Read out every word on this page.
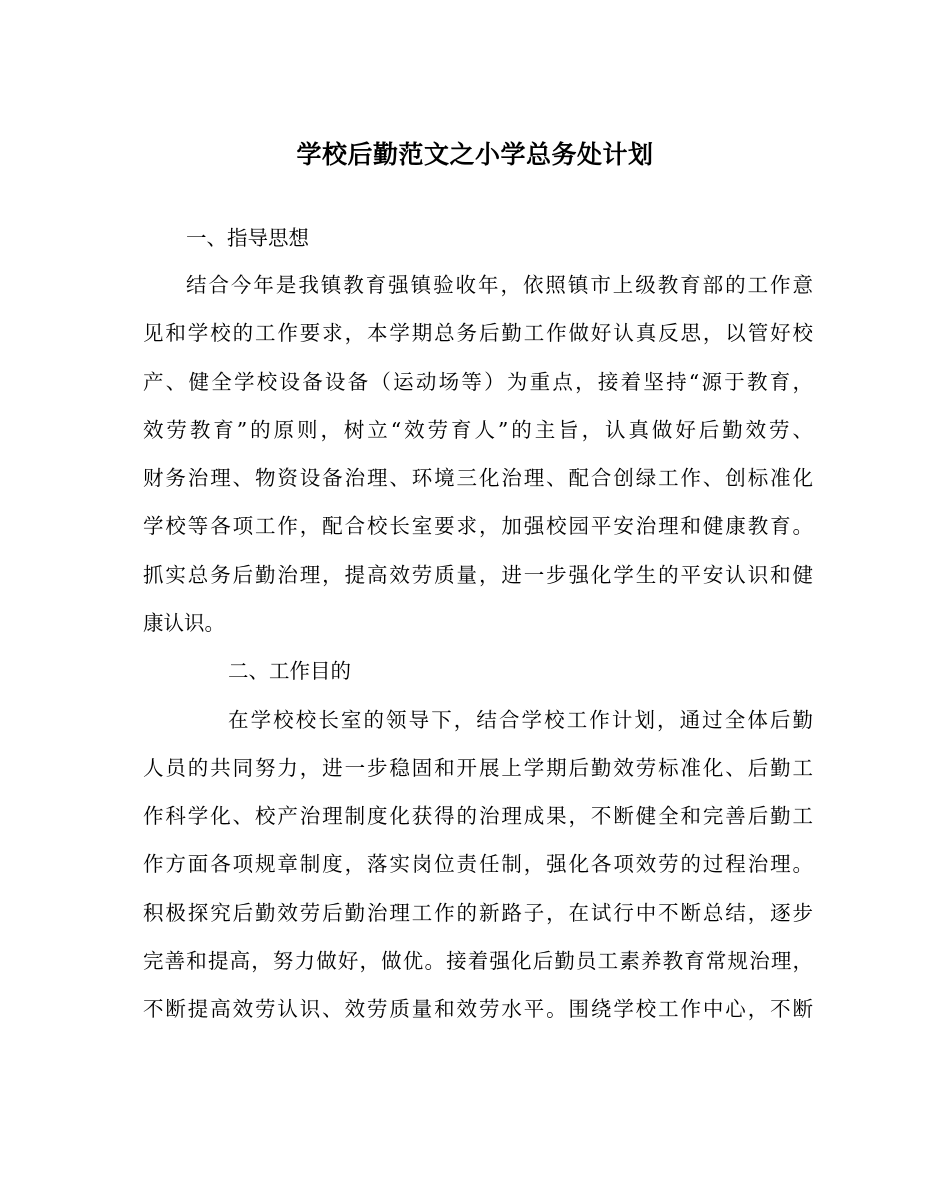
学校后勤范文之小学总务处计划
一、指导思想
结合今年是我镇教育强镇验收年，依照镇市上级教育部的工作意
见和学校的工作要求，本学期总务后勤工作做好认真反思，以管好校
产、健全学校设备设备（运动场等）为重点，接着坚持“源于教育，
效劳教育”的原则，树立“效劳育人”的主旨，认真做好后勤效劳、
财务治理、物资设备治理、环境三化治理、配合创绿工作、创标准化
学校等各项工作，配合校长室要求，加强校园平安治理和健康教育。
抓实总务后勤治理，提高效劳质量，进一步强化学生的平安认识和健
康认识。
二、工作目的
在学校校长室的领导下，结合学校工作计划，通过全体后勤
人员的共同努力，进一步稳固和开展上学期后勤效劳标准化、后勤工
作科学化、校产治理制度化获得的治理成果，不断健全和完善后勤工
作方面各项规章制度，落实岗位责任制，强化各项效劳的过程治理。
积极探究后勤效劳后勤治理工作的新路子，在试行中不断总结，逐步
完善和提高，努力做好，做优。接着强化后勤员工素养教育常规治理，
不断提高效劳认识、效劳质量和效劳水平。围绕学校工作中心，不断
